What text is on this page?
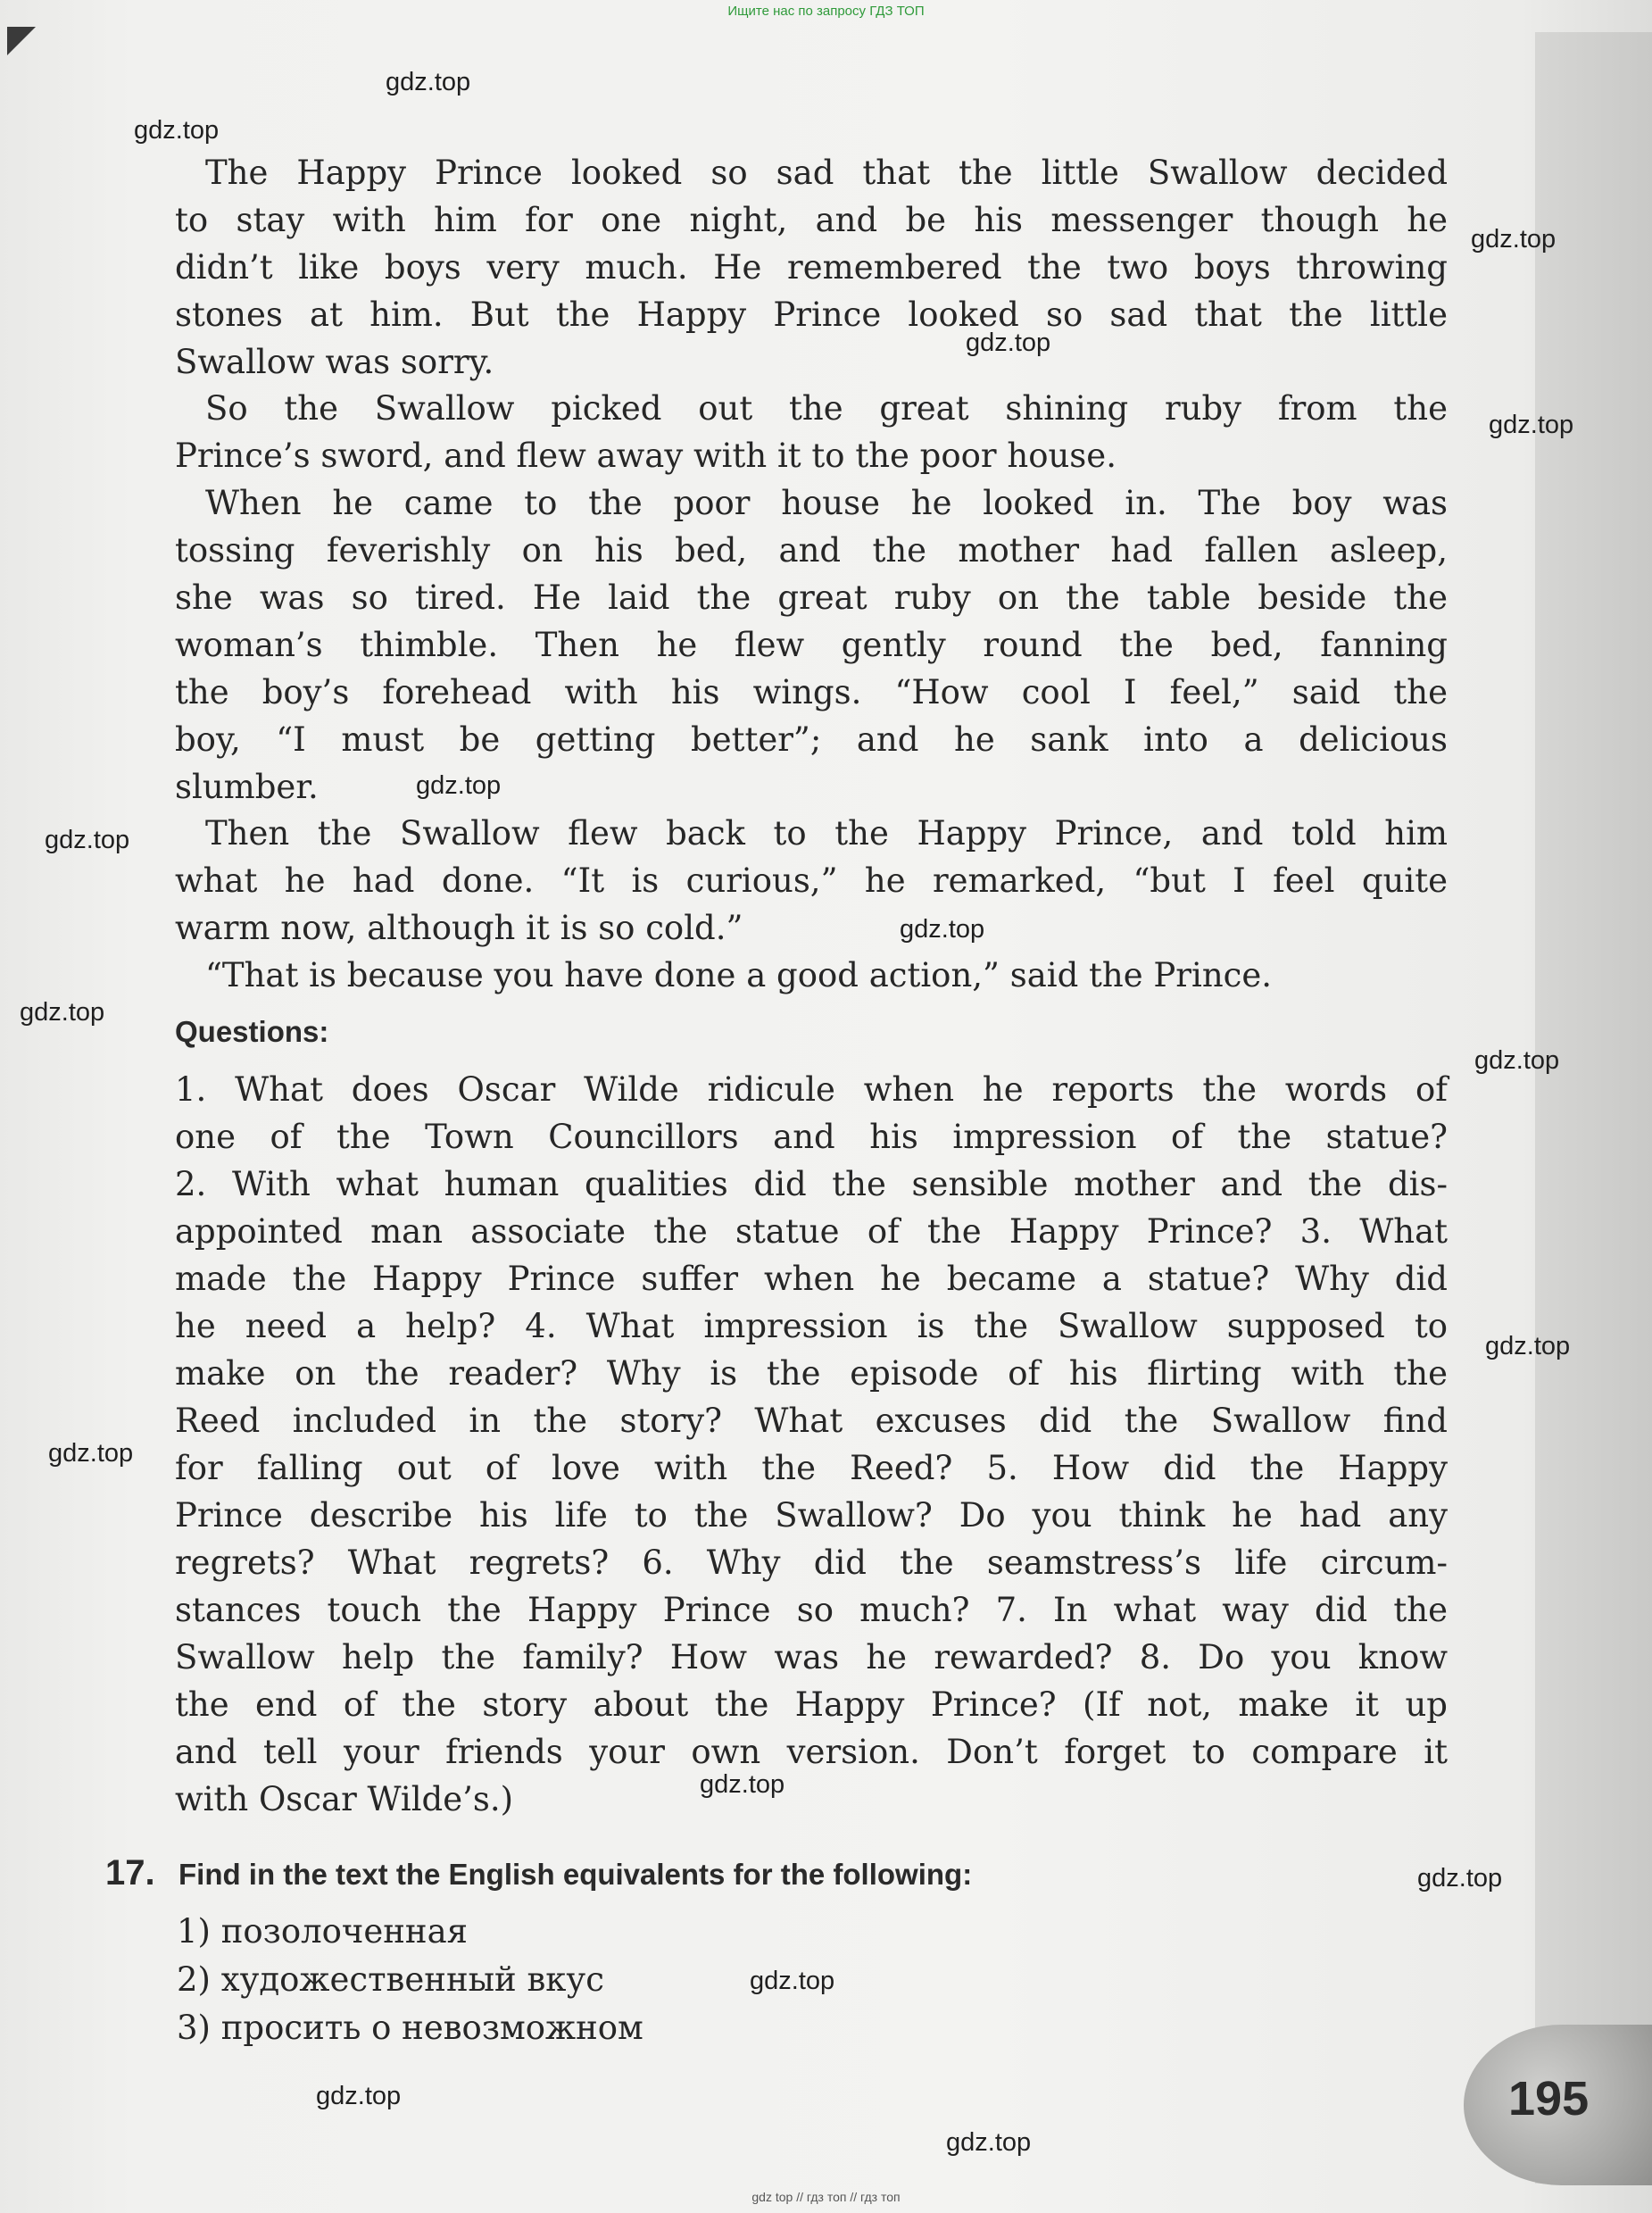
Ищите нас по запросу ГДЗ ТОП
gdz.top
gdz.top
gdz.top
gdz.top
gdz.top
gdz.top
gdz.top
gdz.top
gdz.top
gdz.top
gdz.top
gdz.top
gdz.top
gdz.top
gdz.top
gdz.top
gdz.top
The Happy Prince looked so sad that the little Swallow decided
to stay with him for one night, and be his messenger though he
didn’t like boys very much. He remembered the two boys throwing
stones at him. But the Happy Prince looked so sad that the little
Swallow was sorry.
So the Swallow picked out the great shining ruby from the
Prince’s sword, and flew away with it to the poor house.
When he came to the poor house he looked in. The boy was
tossing feverishly on his bed, and the mother had fallen asleep,
she was so tired. He laid the great ruby on the table beside the
woman’s thimble. Then he flew gently round the bed, fanning
the boy’s forehead with his wings. “How cool I feel,” said the
boy, “I must be getting better”; and he sank into a delicious
slumber.
Then the Swallow flew back to the Happy Prince, and told him
what he had done. “It is curious,” he remarked, “but I feel quite
warm now, although it is so cold.”
“That is because you have done a good action,” said the Prince.
Questions:
1. What does Oscar Wilde ridicule when he reports the words of
one of the Town Councillors and his impression of the statue?
2. With what human qualities did the sensible mother and the dis-
appointed man associate the statue of the Happy Prince? 3. What
made the Happy Prince suffer when he became a statue? Why did
he need a help? 4. What impression is the Swallow supposed to
make on the reader? Why is the episode of his flirting with the
Reed included in the story? What excuses did the Swallow find
for falling out of love with the Reed? 5. How did the Happy
Prince describe his life to the Swallow? Do you think he had any
regrets? What regrets? 6. Why did the seamstress’s life circum-
stances touch the Happy Prince so much? 7. In what way did the
Swallow help the family? How was he rewarded? 8. Do you know
the end of the story about the Happy Prince? (If not, make it up
and tell your friends your own version. Don’t forget to compare it
with Oscar Wilde’s.)
17. Find in the text the English equivalents for the following:
1) позолоченная
2) художественный вкус
3) просить о невозможном
195
gdz top // гдз топ // гдз топ
